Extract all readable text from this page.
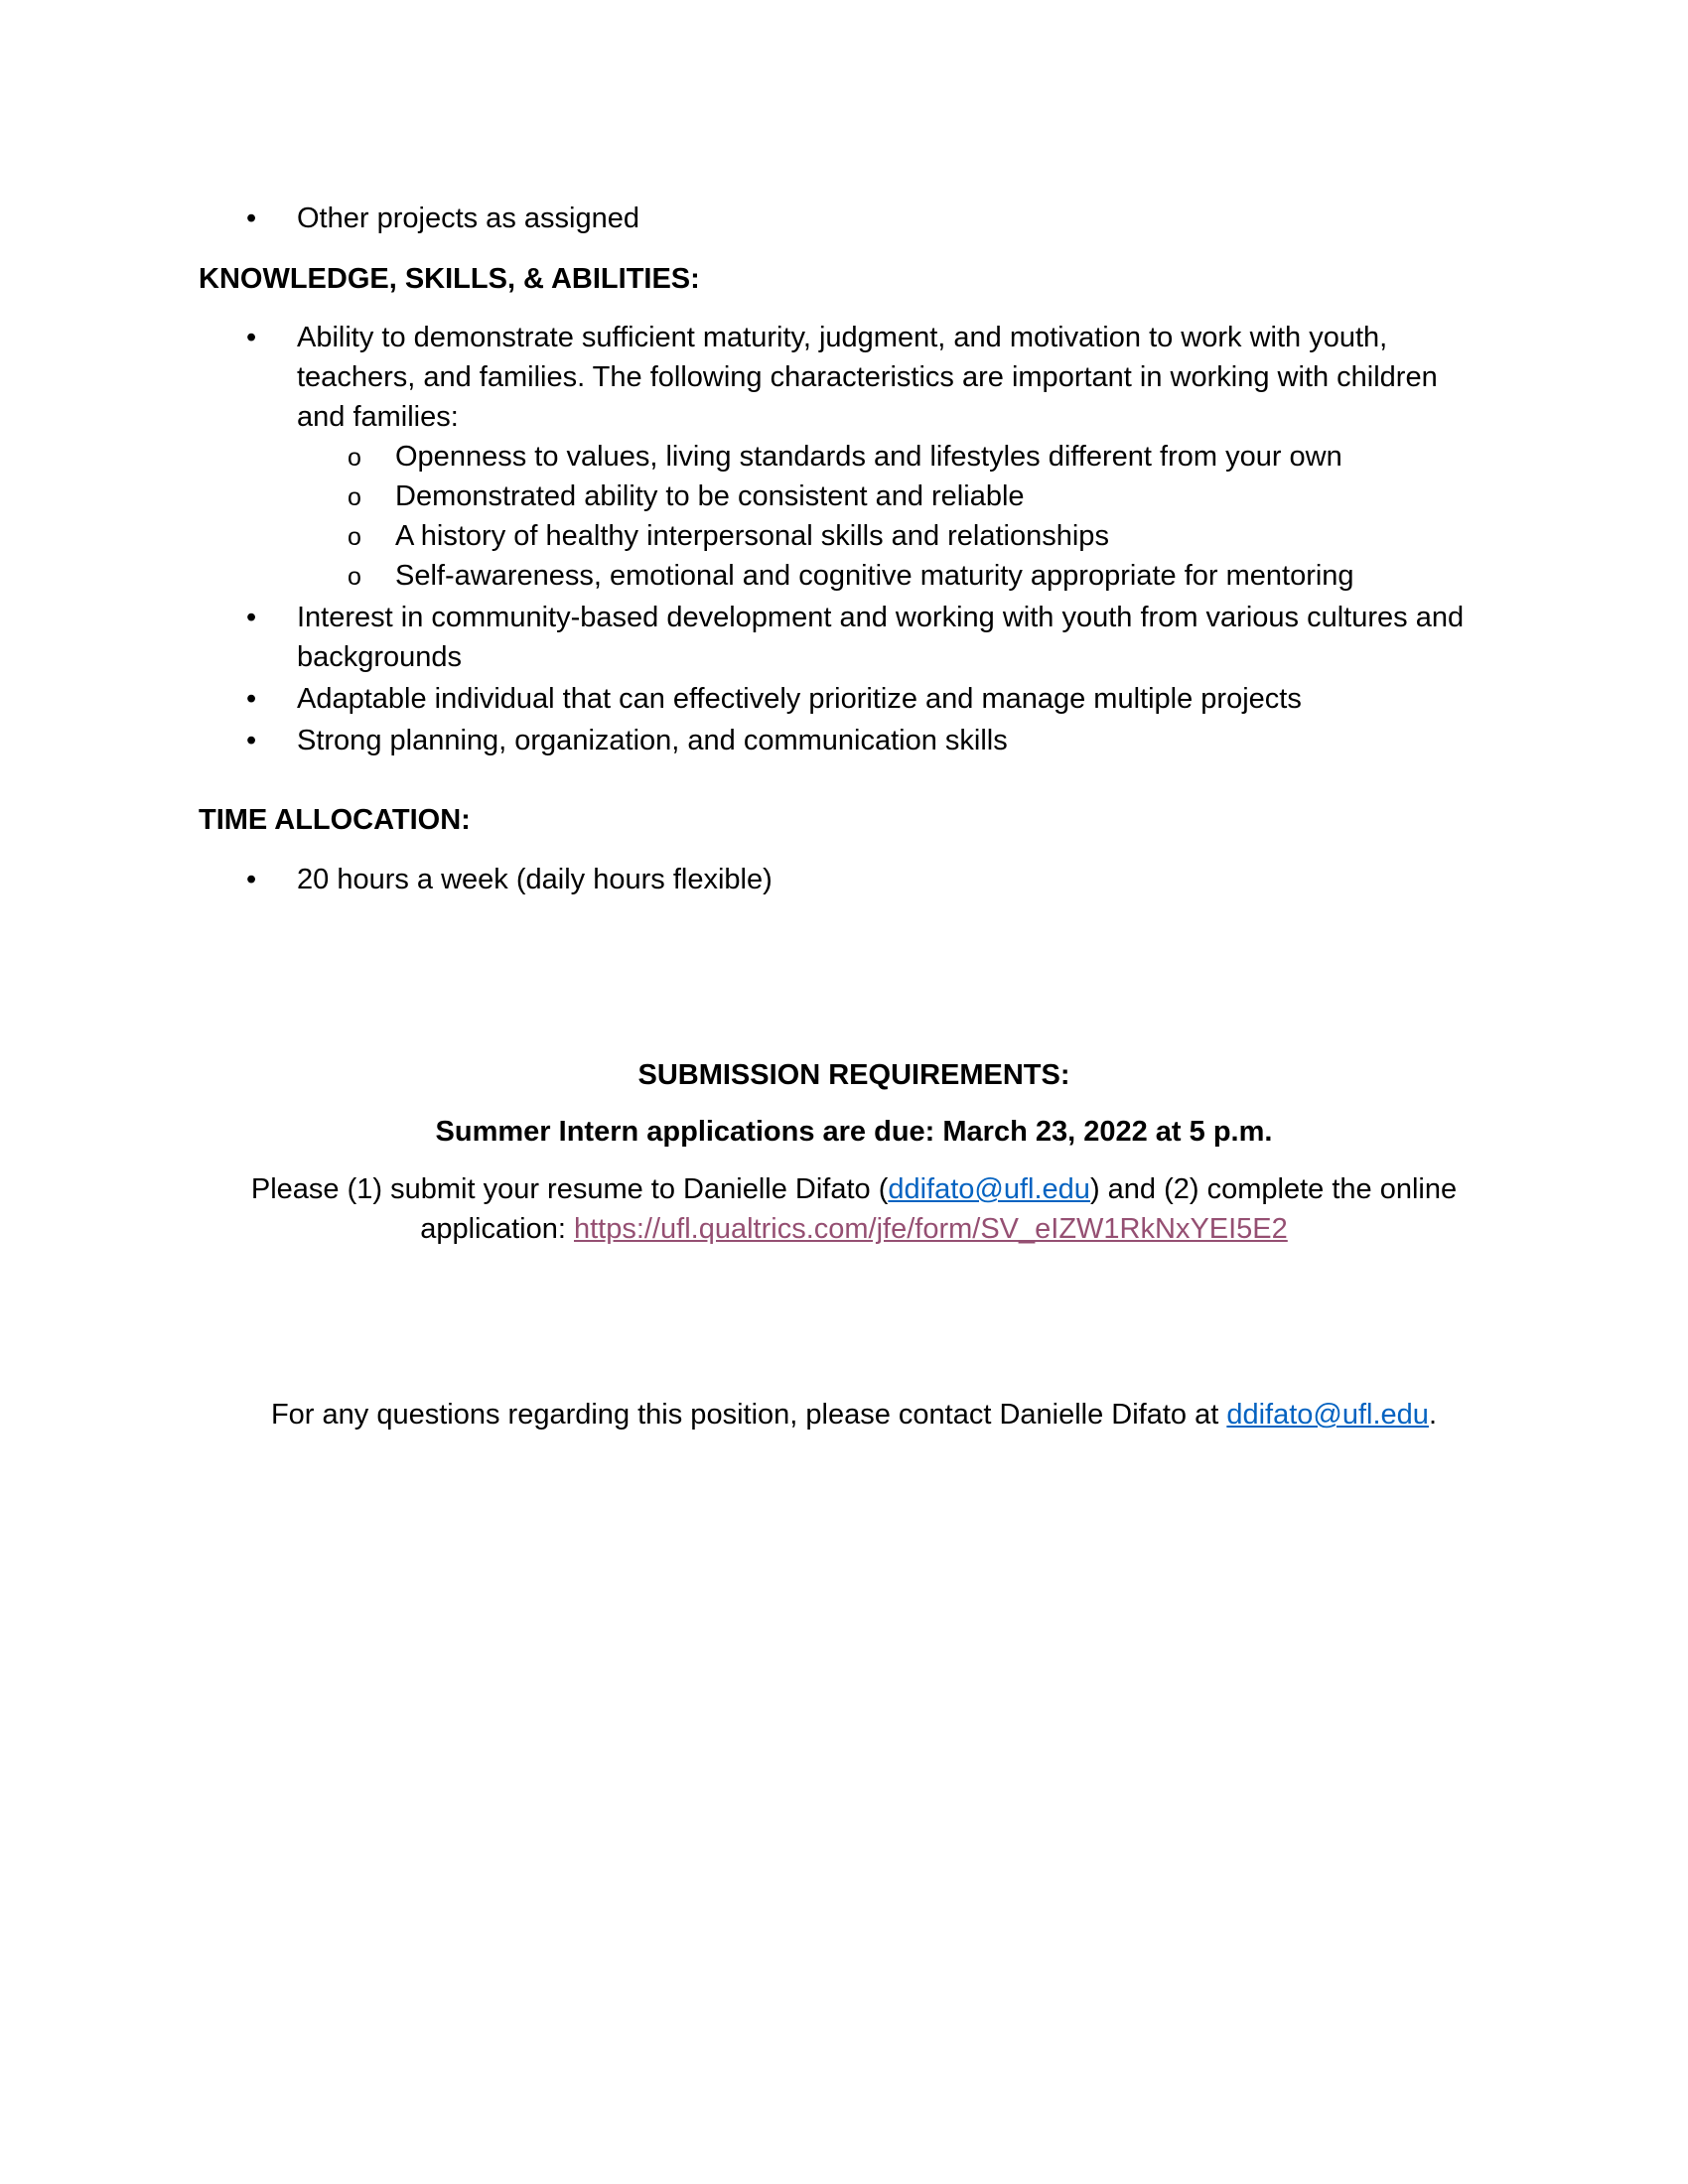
• Other projects as assigned
KNOWLEDGE, SKILLS, & ABILITIES:
• Ability to demonstrate sufficient maturity, judgment, and motivation to work with youth, teachers, and families. The following characteristics are important in working with children and families:
o Openness to values, living standards and lifestyles different from your own
o Demonstrated ability to be consistent and reliable
o A history of healthy interpersonal skills and relationships
o Self-awareness, emotional and cognitive maturity appropriate for mentoring
• Interest in community-based development and working with youth from various cultures and backgrounds
• Adaptable individual that can effectively prioritize and manage multiple projects
• Strong planning, organization, and communication skills
TIME ALLOCATION:
• 20 hours a week (daily hours flexible)
SUBMISSION REQUIREMENTS:
Summer Intern applications are due: March 23, 2022 at 5 p.m.
Please (1) submit your resume to Danielle Difato (ddifato@ufl.edu) and (2) complete the online application: https://ufl.qualtrics.com/jfe/form/SV_eIZW1RkNxYEI5E2
For any questions regarding this position, please contact Danielle Difato at ddifato@ufl.edu.
